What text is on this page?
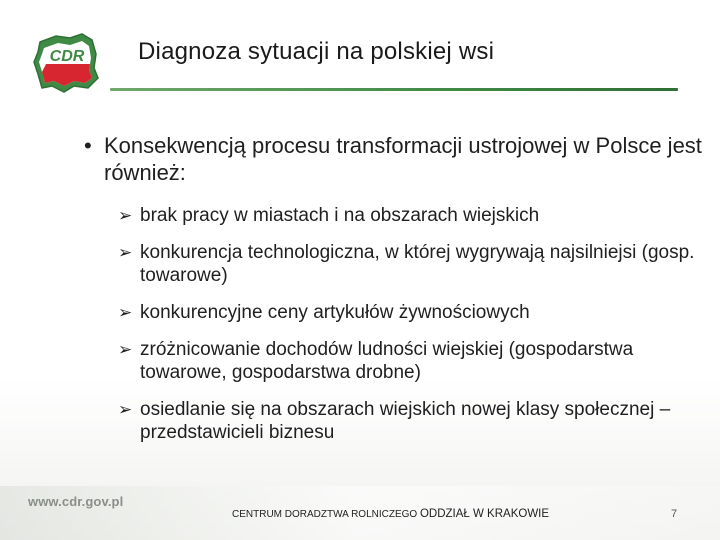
CDR Diagnoza sytuacji na polskiej wsi
• Konsekwencją procesu transformacji ustrojowej w Polsce jest również:
➢ brak pracy w miastach i na obszarach wiejskich
➢ konkurencja technologiczna, w której wygrywają najsilniejsi (gosp. towarowe)
➢ konkurencyjne ceny artykułów żywnościowych
➢ zróżnicowanie dochodów ludności wiejskiej (gospodarstwa towarowe, gospodarstwa drobne)
➢ osiedlanie się na obszarach wiejskich nowej klasy społecznej – przedstawicieli biznesu
www.cdr.gov.pl
CENTRUM DORADZTWA ROLNICZEGO ODDZIAŁ W KRAKOWIE	7
